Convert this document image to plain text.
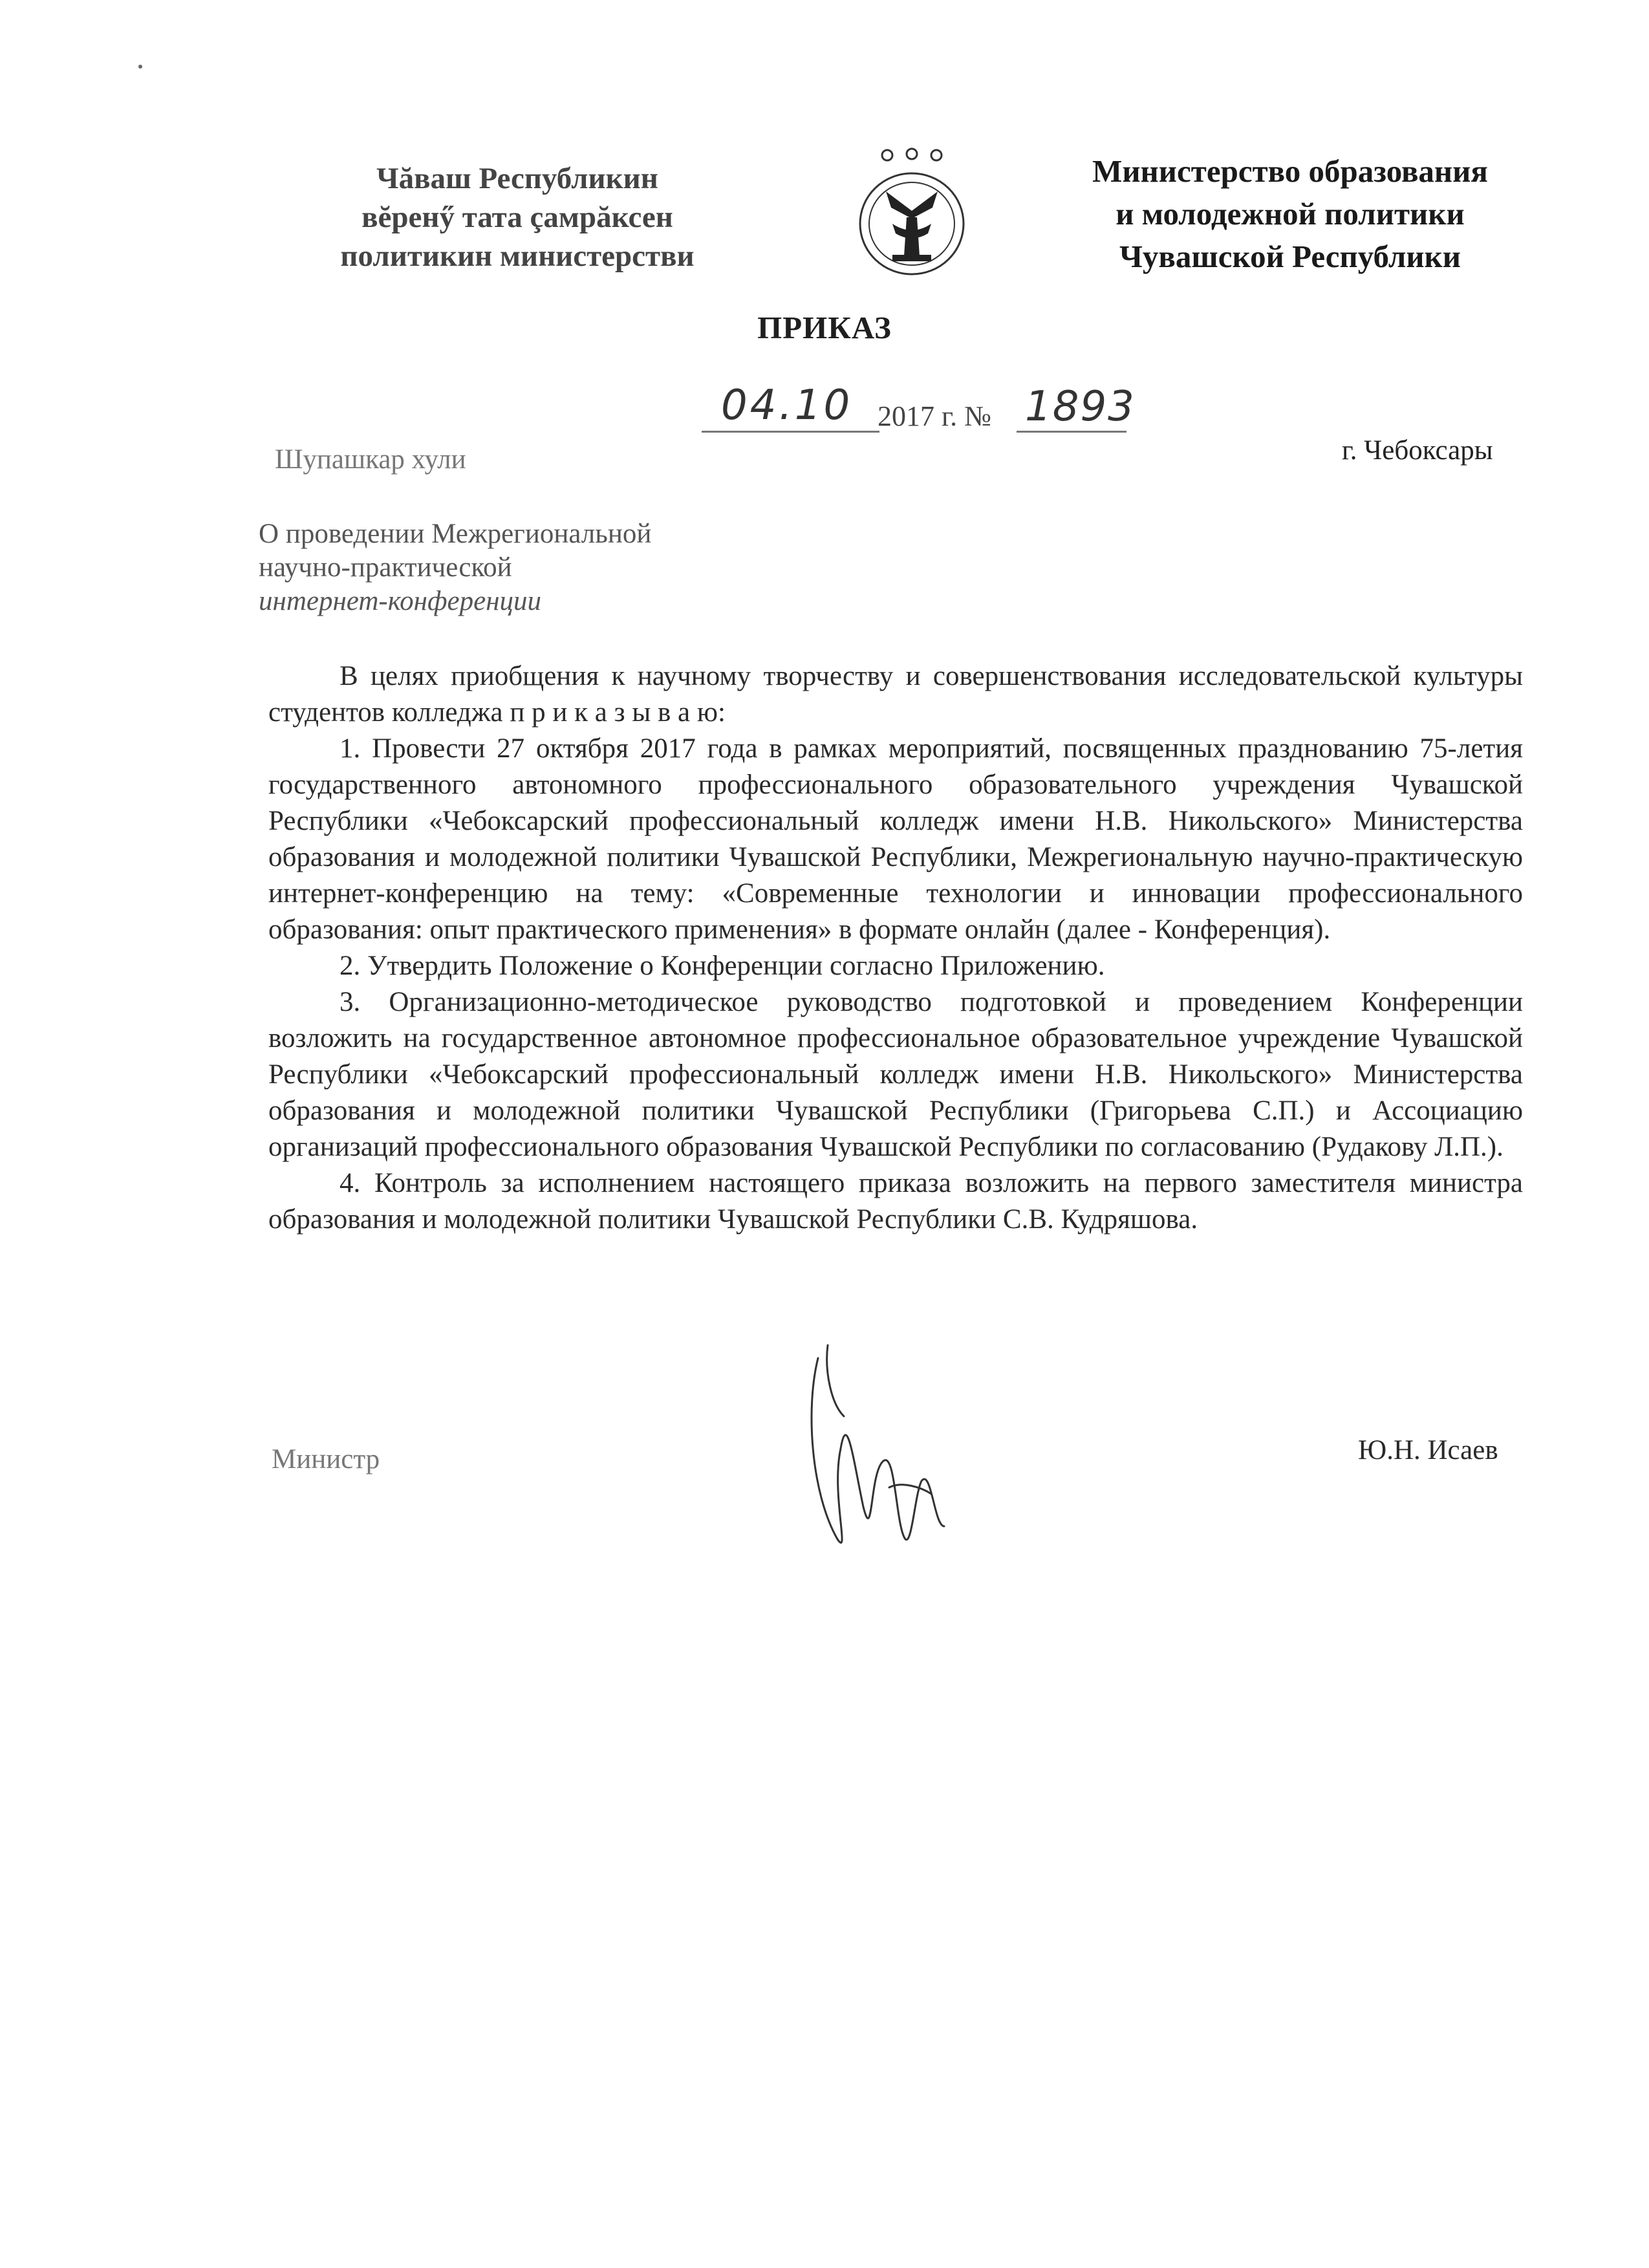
Чăваш Республикин
вĕренӳ тата çамрăксен
политикин министерстви
Министерство образования
и молодежной политики
Чувашской Республики
ПРИКАЗ
04.10 2017 г. № 1893
Шупашкар хули	г. Чебоксары
О проведении Межрегиональной
научно-практической
интернет-конференции

В целях приобщения к научному творчеству и совершенствования исследовательской культуры студентов колледжа п р и к а з ы в а ю:

1. Провести 27 октября 2017 года в рамках мероприятий, посвященных празднованию 75-летия государственного автономного профессионального образовательного учреждения Чувашской Республики «Чебоксарский профессиональный колледж имени Н.В. Никольского» Министерства образования и молодежной политики Чувашской Республики, Межрегиональную научно-практическую интернет-конференцию на тему: «Современные технологии и инновации профессионального образования: опыт практического применения» в формате онлайн (далее - Конференция).

2. Утвердить Положение о Конференции согласно Приложению.

3. Организационно-методическое руководство подготовкой и проведением Конференции возложить на государственное автономное профессиональное образовательное учреждение Чувашской Республики «Чебоксарский профессиональный колледж имени Н.В. Никольского» Министерства образования и молодежной политики Чувашской Республики (Григорьева С.П.) и Ассоциацию организаций профессионального образования Чувашской Республики по согласованию (Рудакову Л.П.).

4. Контроль за исполнением настоящего приказа возложить на первого заместителя министра образования и молодежной политики Чувашской Республики С.В. Кудряшова.

Министр	Ю.Н. Исаев
